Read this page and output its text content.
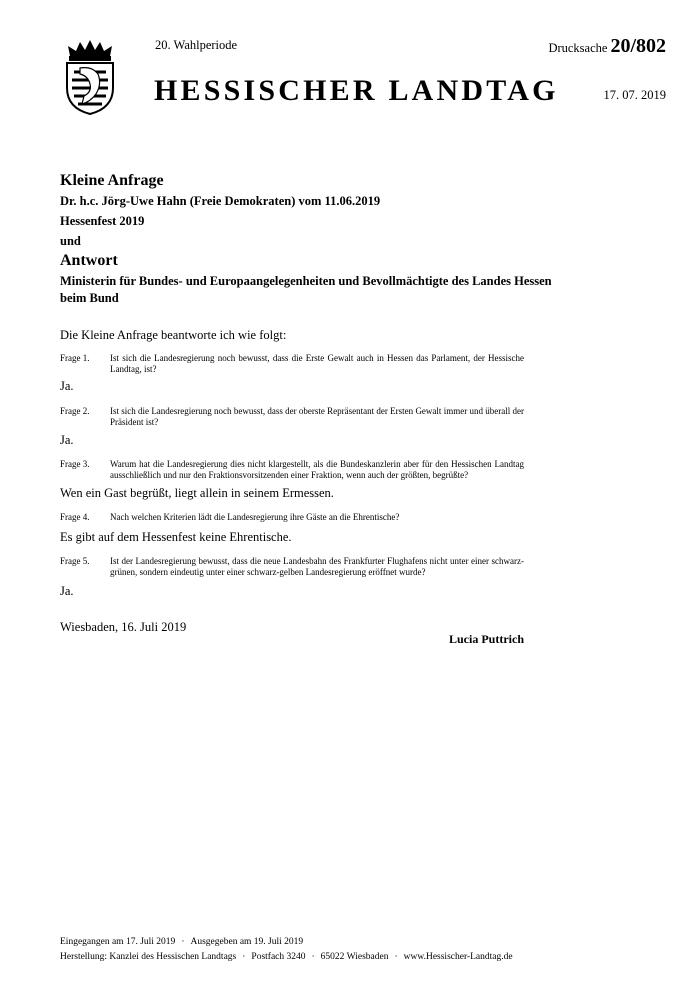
20. Wahlperiode	Drucksache 20/802
HESSISCHER LANDTAG	17. 07. 2019
Kleine Anfrage
Dr. h.c. Jörg-Uwe Hahn (Freie Demokraten) vom 11.06.2019
Hessenfest 2019
und
Antwort
Ministerin für Bundes- und Europaangelegenheiten und Bevollmächtigte des Landes Hessen beim Bund
Die Kleine Anfrage beantworte ich wie folgt:
Frage 1. Ist sich die Landesregierung noch bewusst, dass die Erste Gewalt auch in Hessen das Parlament, der Hessische Landtag, ist?
Ja.
Frage 2. Ist sich die Landesregierung noch bewusst, dass der oberste Repräsentant der Ersten Gewalt immer und überall der Präsident ist?
Ja.
Frage 3. Warum hat die Landesregierung dies nicht klargestellt, als die Bundeskanzlerin aber für den Hessischen Landtag ausschließlich und nur den Fraktionsvorsitzenden einer Fraktion, wenn auch der größten, begrüßte?
Wen ein Gast begrüßt, liegt allein in seinem Ermessen.
Frage 4. Nach welchen Kriterien lädt die Landesregierung ihre Gäste an die Ehrentische?
Es gibt auf dem Hessenfest keine Ehrentische.
Frage 5. Ist der Landesregierung bewusst, dass die neue Landesbahn des Frankfurter Flughafens nicht unter einer schwarz-grünen, sondern eindeutig unter einer schwarz-gelben Landesregierung eröffnet wurde?
Ja.
Wiesbaden, 16. Juli 2019
Lucia Puttrich
Eingegangen am 17. Juli 2019 · Ausgegeben am 19. Juli 2019
Herstellung: Kanzlei des Hessischen Landtags · Postfach 3240 · 65022 Wiesbaden · www.Hessischer-Landtag.de
